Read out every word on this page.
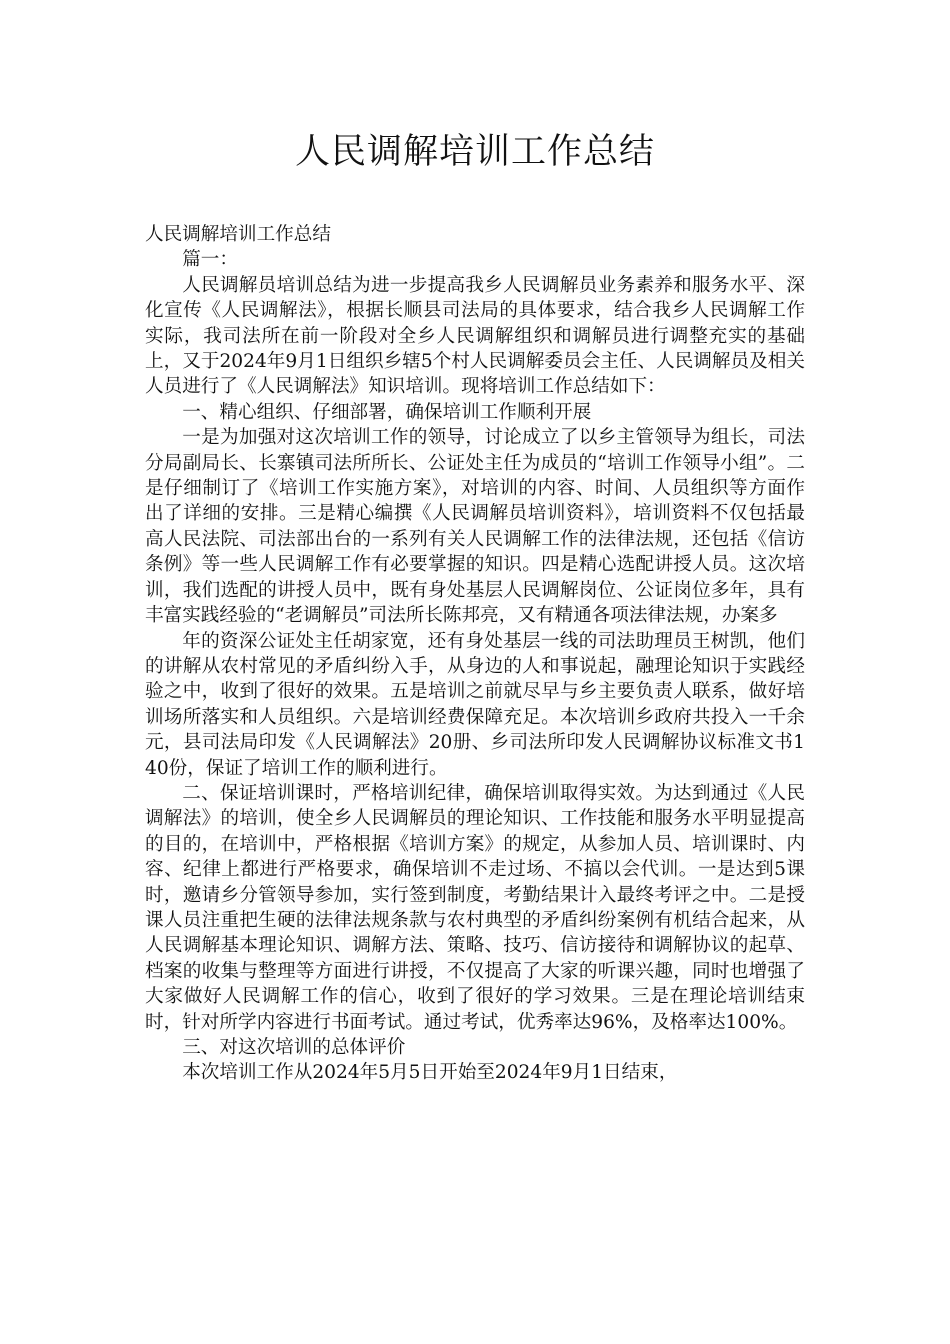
人民调解培训工作总结

人民调解培训工作总结

篇一：

人民调解员培训总结为进一步提高我乡人民调解员业务素养和服务水平、深化宣传《人民调解法》，根据长顺县司法局的具体要求，结合我乡人民调解工作实际，我司法所在前一阶段对全乡人民调解组织和调解员进行调整充实的基础上，又于2024年9月1日组织乡辖5个村人民调解委员会主任、人民调解员及相关人员进行了《人民调解法》知识培训。现将培训工作总结如下：

一、精心组织、仔细部署，确保培训工作顺利开展

一是为加强对这次培训工作的领导，讨论成立了以乡主管领导为组长，司法分局副局长、长寨镇司法所所长、公证处主任为成员的“培训工作领导小组”。二是仔细制订了《培训工作实施方案》，对培训的内容、时间、人员组织等方面作出了详细的安排。三是精心编撰《人民调解员培训资料》，培训资料不仅包括最高人民法院、司法部出台的一系列有关人民调解工作的法律法规，还包括《信访条例》等一些人民调解工作有必要掌握的知识。四是精心选配讲授人员。这次培训，我们选配的讲授人员中，既有身处基层人民调解岗位、公证岗位多年，具有丰富实践经验的“老调解员”司法所长陈邦亮，又有精通各项法律法规，办案多

年的资深公证处主任胡家宽，还有身处基层一线的司法助理员王树凯，他们的讲解从农村常见的矛盾纠纷入手，从身边的人和事说起，融理论知识于实践经验之中，收到了很好的效果。五是培训之前就尽早与乡主要负责人联系，做好培训场所落实和人员组织。六是培训经费保障充足。本次培训乡政府共投入一千余元，县司法局印发《人民调解法》20册、乡司法所印发人民调解协议标准文书140份，保证了培训工作的顺利进行。

二、保证培训课时，严格培训纪律，确保培训取得实效。为达到通过《人民调解法》的培训，使全乡人民调解员的理论知识、工作技能和服务水平明显提高的目的，在培训中，严格根据《培训方案》的规定，从参加人员、培训课时、内容、纪律上都进行严格要求，确保培训不走过场、不搞以会代训。一是达到5课时，邀请乡分管领导参加，实行签到制度，考勤结果计入最终考评之中。二是授课人员注重把生硬的法律法规条款与农村典型的矛盾纠纷案例有机结合起来，从人民调解基本理论知识、调解方法、策略、技巧、信访接待和调解协议的起草、档案的收集与整理等方面进行讲授，不仅提高了大家的听课兴趣，同时也增强了大家做好人民调解工作的信心，收到了很好的学习效果。三是在理论培训结束时，针对所学内容进行书面考试。通过考试，优秀率达96%，及格率达100%。

三、对这次培训的总体评价

本次培训工作从2024年5月5日开始至2024年9月1日结束，
